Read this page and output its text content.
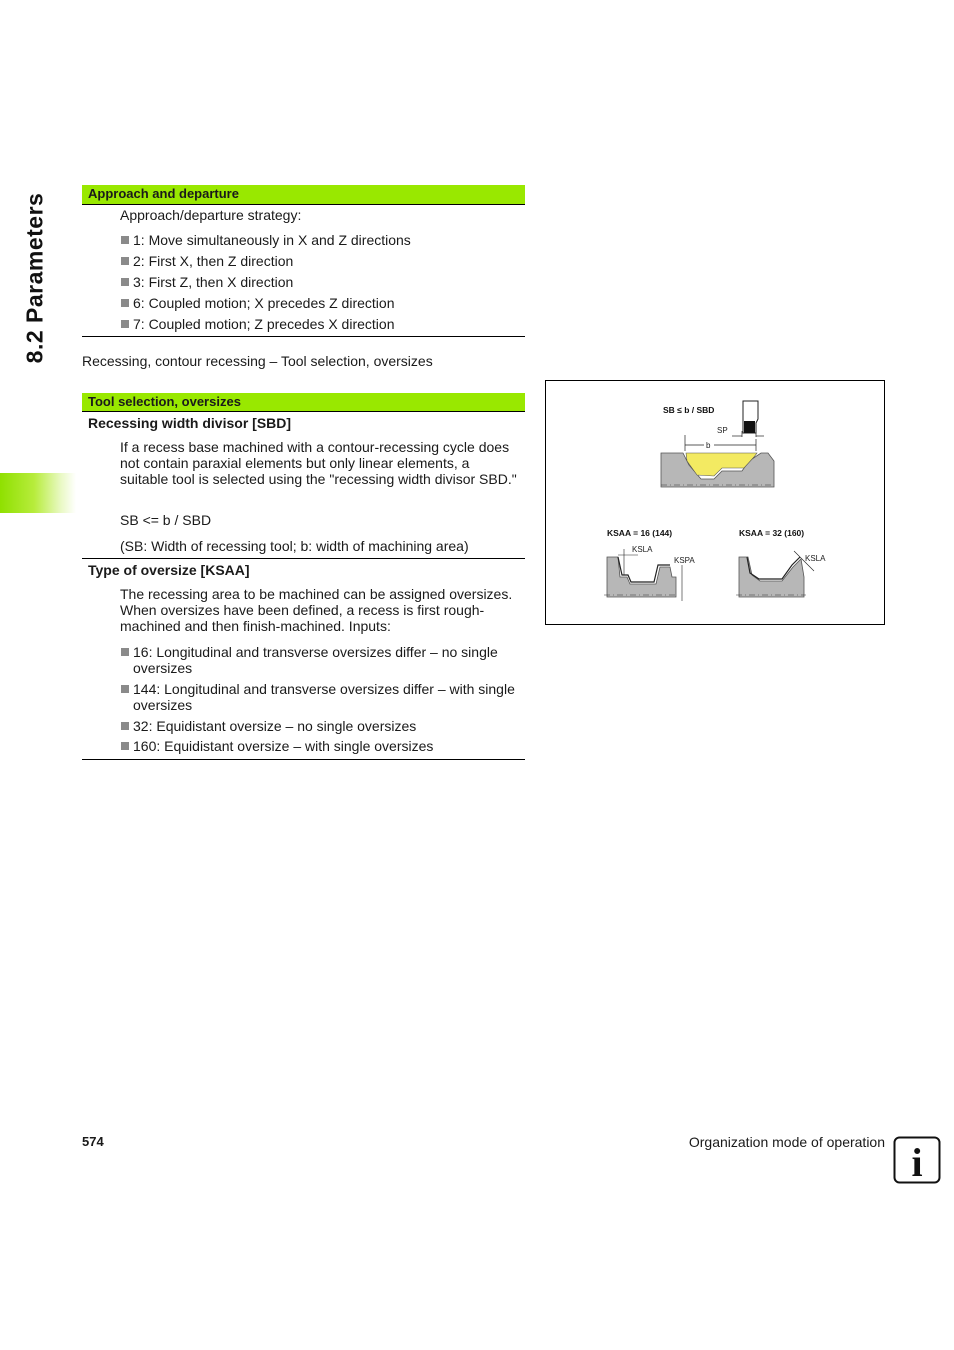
8.2 Parameters	Approach and departure
Approach/departure strategy:
1: Move simultaneously in X and Z directions
2: First X, then Z direction
3: First Z, then X direction
6: Coupled motion; X precedes Z direction
7: Coupled motion; Z precedes X direction
Recessing, contour recessing – Tool selection, oversizes
Tool selection, oversizes
Recessing width divisor [SBD]
If a recess base machined with a contour-recessing cycle does not contain paraxial elements but only linear elements, a suitable tool is selected using the "recessing width divisor SBD."
SB <= b / SBD
(SB: Width of recessing tool; b: width of machining area)
Type of oversize [KSAA]
The recessing area to be machined can be assigned oversizes. When oversizes have been defined, a recess is first rough-machined and then finish-machined. Inputs:
16: Longitudinal and transverse oversizes differ – no single oversizes
144: Longitudinal and transverse oversizes differ – with single oversizes
32: Equidistant oversize – no single oversizes
160: Equidistant oversize – with single oversizes
SB ≤ b / SBD
SP
b
KSAA = 16 (144)
KSLA
KSPA
KSAA = 32 (160)
KSLA
574	Organization mode of operation i
